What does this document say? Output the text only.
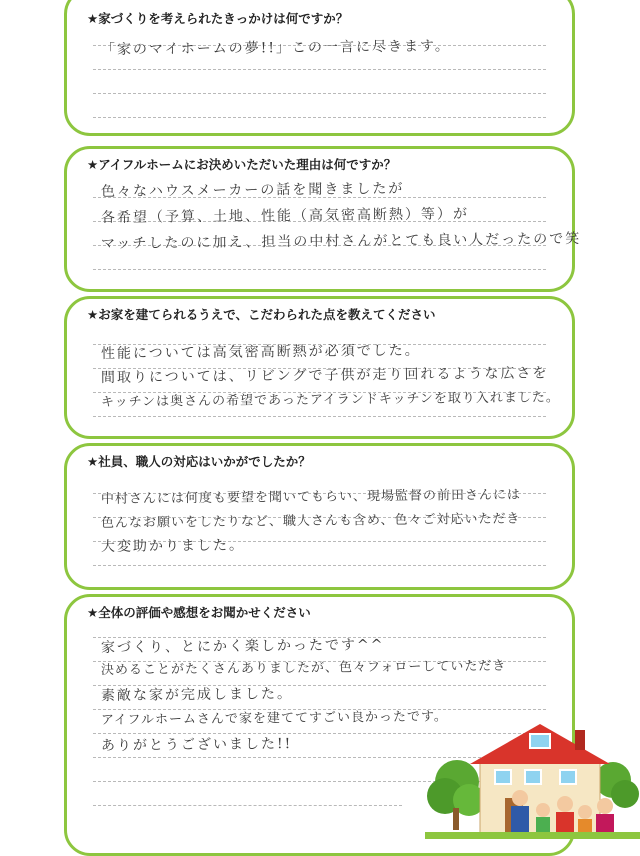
★家づくりを考えられたきっかけは何ですか？
「家のマイホームの夢!!」この一言に尽きます。
★アイフルホームにお決めいただいた理由は何ですか？
色々なハウスメーカーの話を聞きましたが
各希望（予算、土地、性能（高気密高断熱）等）が
マッチしたのに加え、担当の中村さんがとても良い人だったので笑
★お家を建てられるうえで、こだわられた点を教えてください
性能については高気密高断熱が必須でした。
間取りについては、リビングで子供が走り回れるような広さを
キッチンは奥さんの希望であったアイランドキッチンを取り入れました。
★社員、職人の対応はいかがでしたか？
中村さんには何度も要望を聞いてもらい、現場監督の前田さんには
色んなお願いをしたりなど、職人さんも含め、色々ご対応いただき
大変助かりました。
★全体の評価や感想をお聞かせください
家づくり、とにかく楽しかったです^^
決めることがたくさんありましたが、色々フォローしていただき
素敵な家が完成しました。
アイフルホームさんで家を建ててすごい良かったです。
ありがとうございました!!
